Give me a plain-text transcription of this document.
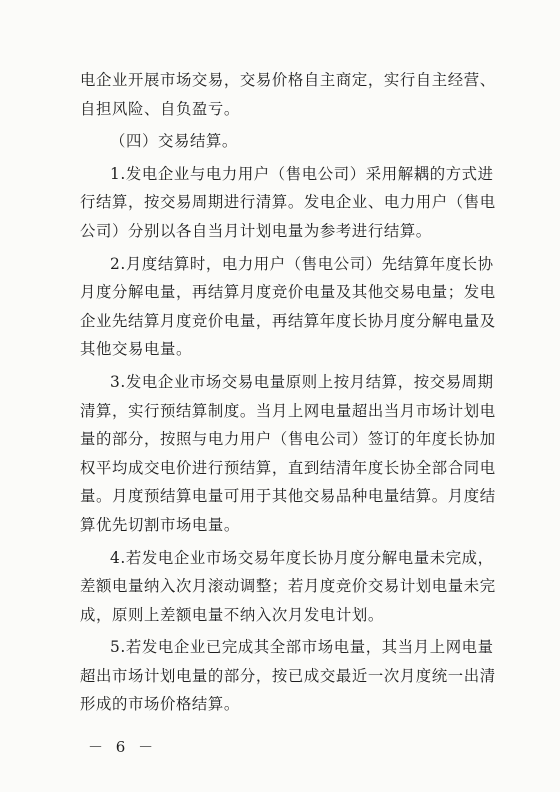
电企业开展市场交易，交易价格自主商定，实行自主经营、
自担风险、自负盈亏。
（四）交易结算。
1.发电企业与电力用户（售电公司）采用解耦的方式进
行结算，按交易周期进行清算。发电企业、电力用户（售电
公司）分别以各自当月计划电量为参考进行结算。
2.月度结算时，电力用户（售电公司）先结算年度长协
月度分解电量，再结算月度竞价电量及其他交易电量；发电
企业先结算月度竞价电量，再结算年度长协月度分解电量及
其他交易电量。
3.发电企业市场交易电量原则上按月结算，按交易周期
清算，实行预结算制度。当月上网电量超出当月市场计划电
量的部分，按照与电力用户（售电公司）签订的年度长协加
权平均成交电价进行预结算，直到结清年度长协全部合同电
量。月度预结算电量可用于其他交易品种电量结算。月度结
算优先切割市场电量。
4.若发电企业市场交易年度长协月度分解电量未完成，
差额电量纳入次月滚动调整；若月度竞价交易计划电量未完
成，原则上差额电量不纳入次月发电计划。
5.若发电企业已完成其全部市场电量，其当月上网电量
超出市场计划电量的部分，按已成交最近一次月度统一出清
形成的市场价格结算。
－ 6 －
